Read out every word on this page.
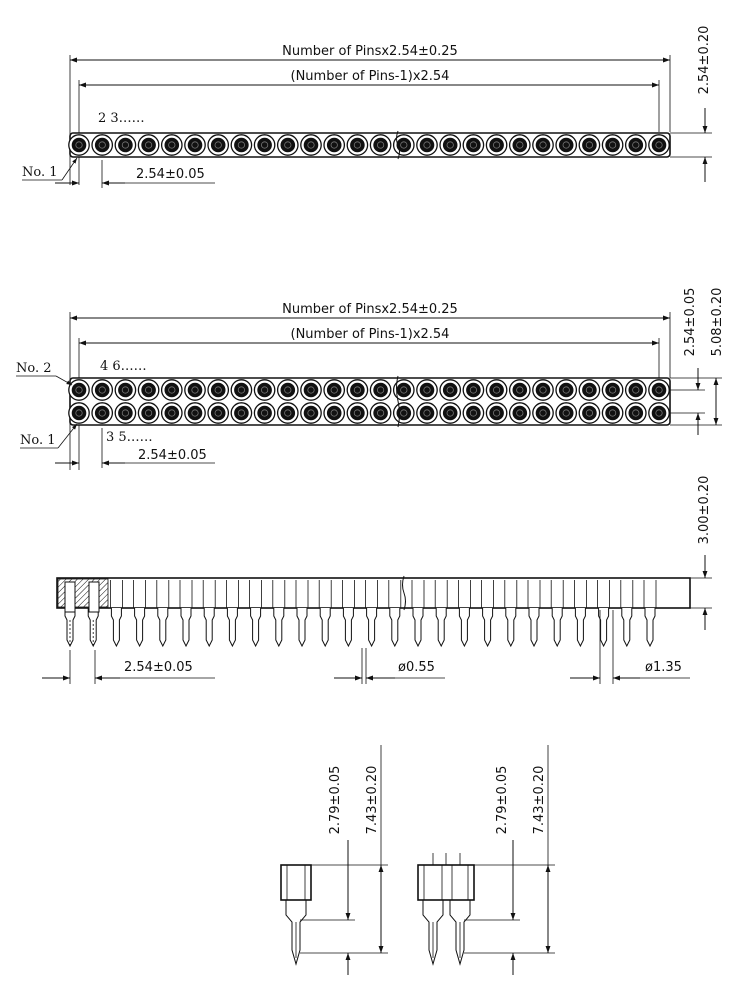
Number of Pinsx2.54±0.25
(Number of Pins-1)x2.54
2 3……
2.54±0.20
No. 1	2.54±0.05
Number of Pinsx2.54±0.25
(Number of Pins-1)x2.54
4 6……
3 5……
2.54±0.05 5.08±0.20
No. 2
No. 1
2.54±0.05
3.00±0.20
2.54±0.05	ø0.55	ø1.35
2.79±0.05 7.43±0.20	2.79±0.05 7.43±0.20
